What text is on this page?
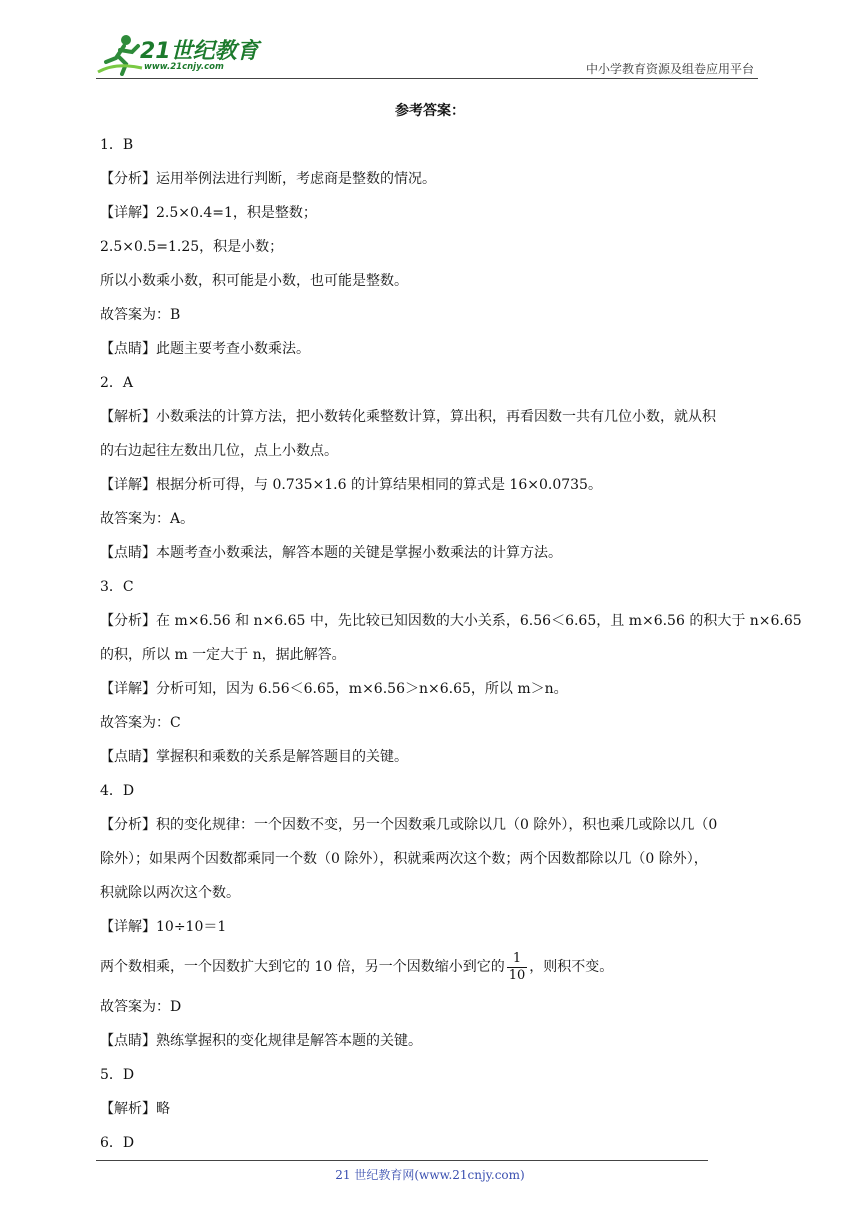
21世纪教育
www.21cnjy.com	中小学教育资源及组卷应用平台
参考答案：
1．B
【分析】运用举例法进行判断，考虑商是整数的情况。
【详解】2.5×0.4=1，积是整数；
2.5×0.5=1.25，积是小数；
所以小数乘小数，积可能是小数，也可能是整数。
故答案为：B
【点睛】此题主要考查小数乘法。
2．A
【解析】小数乘法的计算方法，把小数转化乘整数计算，算出积，再看因数一共有几位小数，就从积
的右边起往左数出几位，点上小数点。
【详解】根据分析可得，与 0.735×1.6 的计算结果相同的算式是 16×0.0735。
故答案为：A。
【点睛】本题考查小数乘法，解答本题的关键是掌握小数乘法的计算方法。
3．C
【分析】在 m×6.56 和 n×6.65 中，先比较已知因数的大小关系，6.56＜6.65，且 m×6.56 的积大于 n×6.65
的积，所以 m 一定大于 n，据此解答。
【详解】分析可知，因为 6.56＜6.65，m×6.56＞n×6.65，所以 m＞n。
故答案为：C
【点睛】掌握积和乘数的关系是解答题目的关键。
4．D
【分析】积的变化规律：一个因数不变，另一个因数乘几或除以几（0 除外），积也乘几或除以几（0
除外）；如果两个因数都乘同一个数（0 除外），积就乘两次这个数；两个因数都除以几（0 除外），
积就除以两次这个数。
【详解】10÷10＝1
两个数相乘，一个因数扩大到它的 10 倍，另一个因数缩小到它的 $\frac{1}{10}$ ，则积不变。
故答案为：D
【点睛】熟练掌握积的变化规律是解答本题的关键。
5．D
【解析】略
6．D
21 世纪教育网(www.21cnjy.com)
